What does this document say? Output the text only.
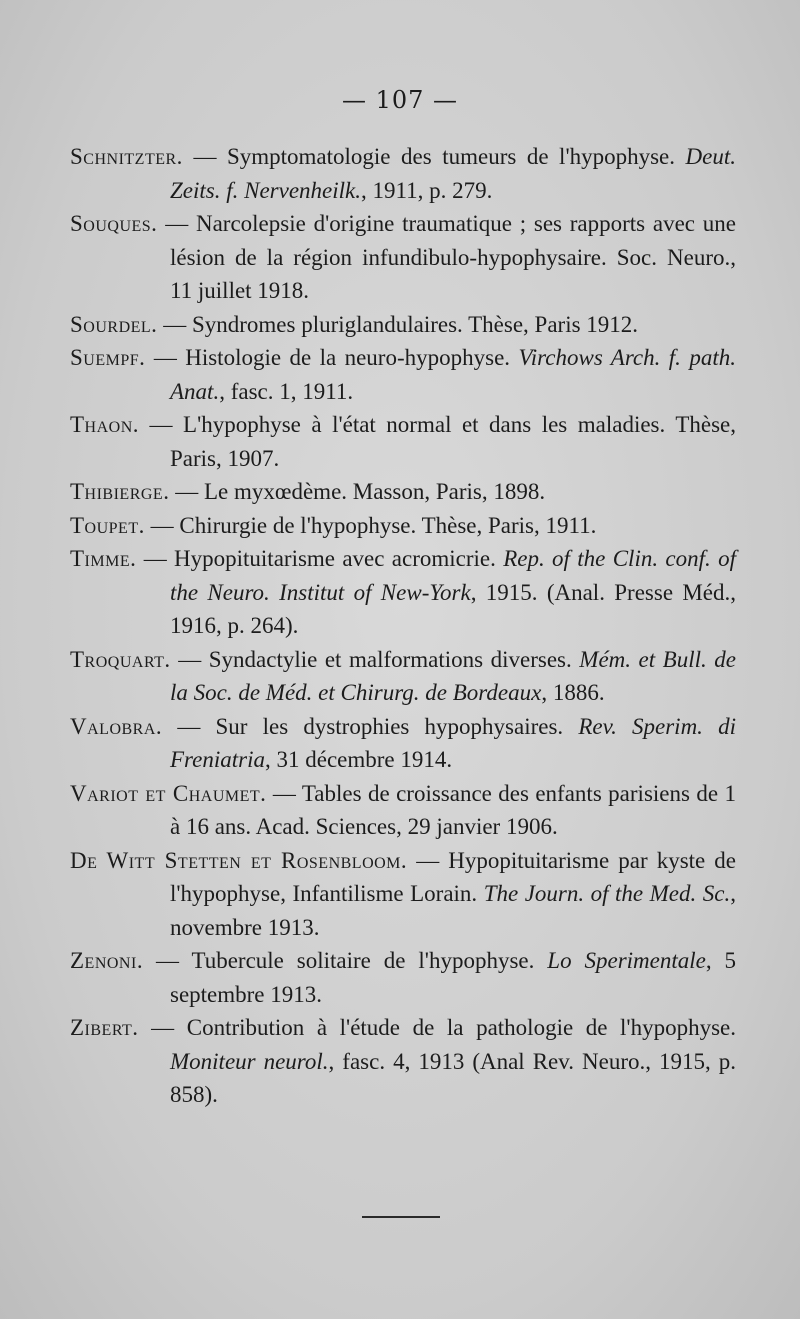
— 107 —

Schnitzter. — Symptomatologie des tumeurs de l'hypophyse. Deut. Zeits. f. Nervenheilk., 1911, p. 279.

Souques. — Narcolepsie d'origine traumatique ; ses rapports avec une lésion de la région infundibulo-hypophysaire. Soc. Neuro., 11 juillet 1918.

Sourdel. — Syndromes pluriglandulaires. Thèse, Paris 1912.

Suempf. — Histologie de la neuro-hypophyse. Virchows Arch. f. path. Anat., fasc. 1, 1911.

Thaon. — L'hypophyse à l'état normal et dans les maladies. Thèse, Paris, 1907.

Thibierge. — Le myxœdème. Masson, Paris, 1898.

Toupet. — Chirurgie de l'hypophyse. Thèse, Paris, 1911.

Timme. — Hypopituitarisme avec acromicrie. Rep. of the Clin. conf. of the Neuro. Institut of New-York, 1915. (Anal. Presse Méd., 1916, p. 264).

Troquart. — Syndactylie et malformations diverses. Mém. et Bull. de la Soc. de Méd. et Chirurg. de Bordeaux, 1886.

Valobra. — Sur les dystrophies hypophysaires. Rev. Sperim. di Freniatria, 31 décembre 1914.

Variot et Chaumet. — Tables de croissance des enfants parisiens de 1 à 16 ans. Acad. Sciences, 29 janvier 1906.

De Witt Stetten et Rosenbloom. — Hypopituitarisme par kyste de l'hypophyse, Infantilisme Lorain. The Journ. of the Med. Sc., novembre 1913.

Zenoni. — Tubercule solitaire de l'hypophyse. Lo Sperimentale, 5 septembre 1913.

Zibert. — Contribution à l'étude de la pathologie de l'hypophyse. Moniteur neurol., fasc. 4, 1913 (Anal Rev. Neuro., 1915, p. 858).
